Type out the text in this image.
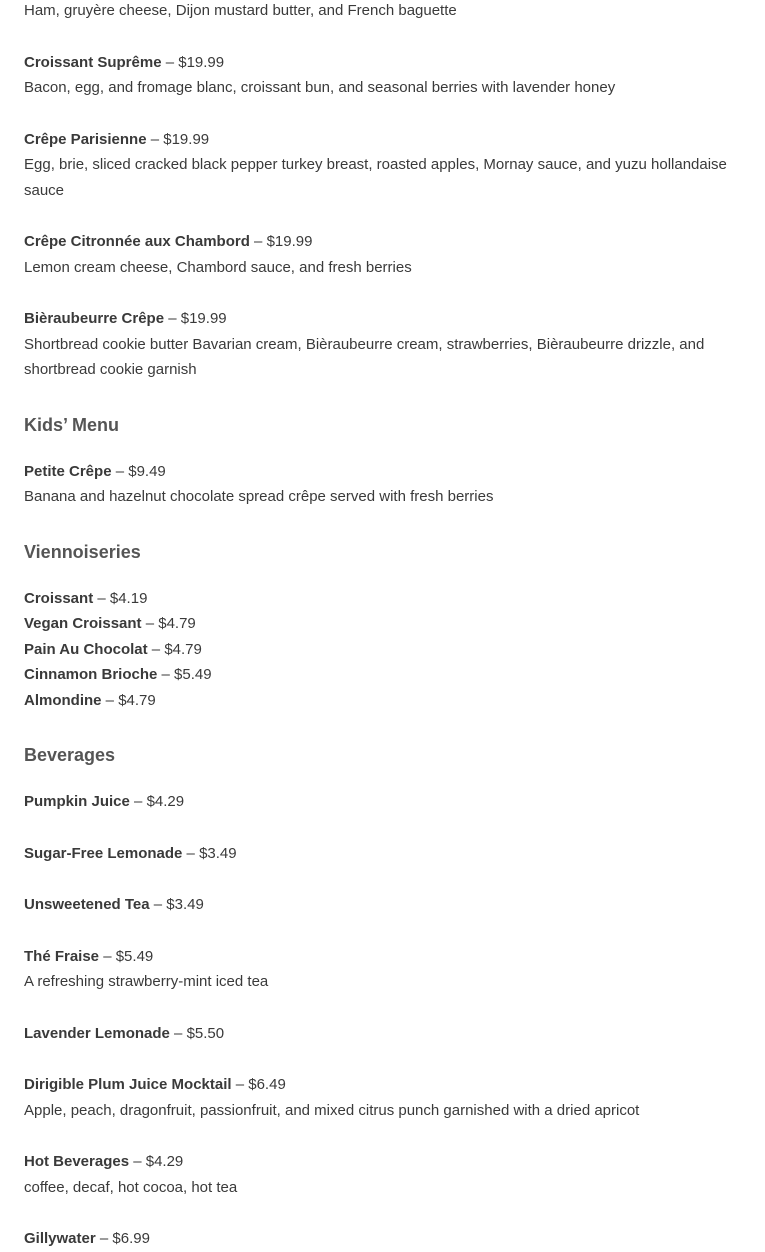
Ham, gruyère cheese, Dijon mustard butter, and French baguette

Croissant Suprême – $19.99

Bacon, egg, and fromage blanc, croissant bun, and seasonal berries with lavender honey

Crêpe Parisienne – $19.99

Egg, brie, sliced cracked black pepper turkey breast, roasted apples, Mornay sauce, and yuzu hollandaise sauce

Crêpe Citronnée aux Chambord – $19.99

Lemon cream cheese, Chambord sauce, and fresh berries

Bièraubeurre Crêpe – $19.99

Shortbread cookie butter Bavarian cream, Bièraubeurre cream, strawberries, Bièraubeurre drizzle, and shortbread cookie garnish

Kids’ Menu
Petite Crêpe – $9.49

Banana and hazelnut chocolate spread crêpe served with fresh berries

Viennoiseries
Croissant – $4.19
Vegan Croissant – $4.79
Pain Au Chocolat – $4.79
Cinnamon Brioche – $5.49
Almondine – $4.79
Beverages
Pumpkin Juice – $4.29
Sugar-Free Lemonade – $3.49
Unsweetened Tea – $3.49
Thé Fraise – $5.49

A refreshing strawberry-mint iced tea

Lavender Lemonade – $5.50
Dirigible Plum Juice Mocktail – $6.49

Apple, peach, dragonfruit, passionfruit, and mixed citrus punch garnished with a dried apricot

Hot Beverages – $4.29

coffee, decaf, hot cocoa, hot tea

Gillywater – $6.99
